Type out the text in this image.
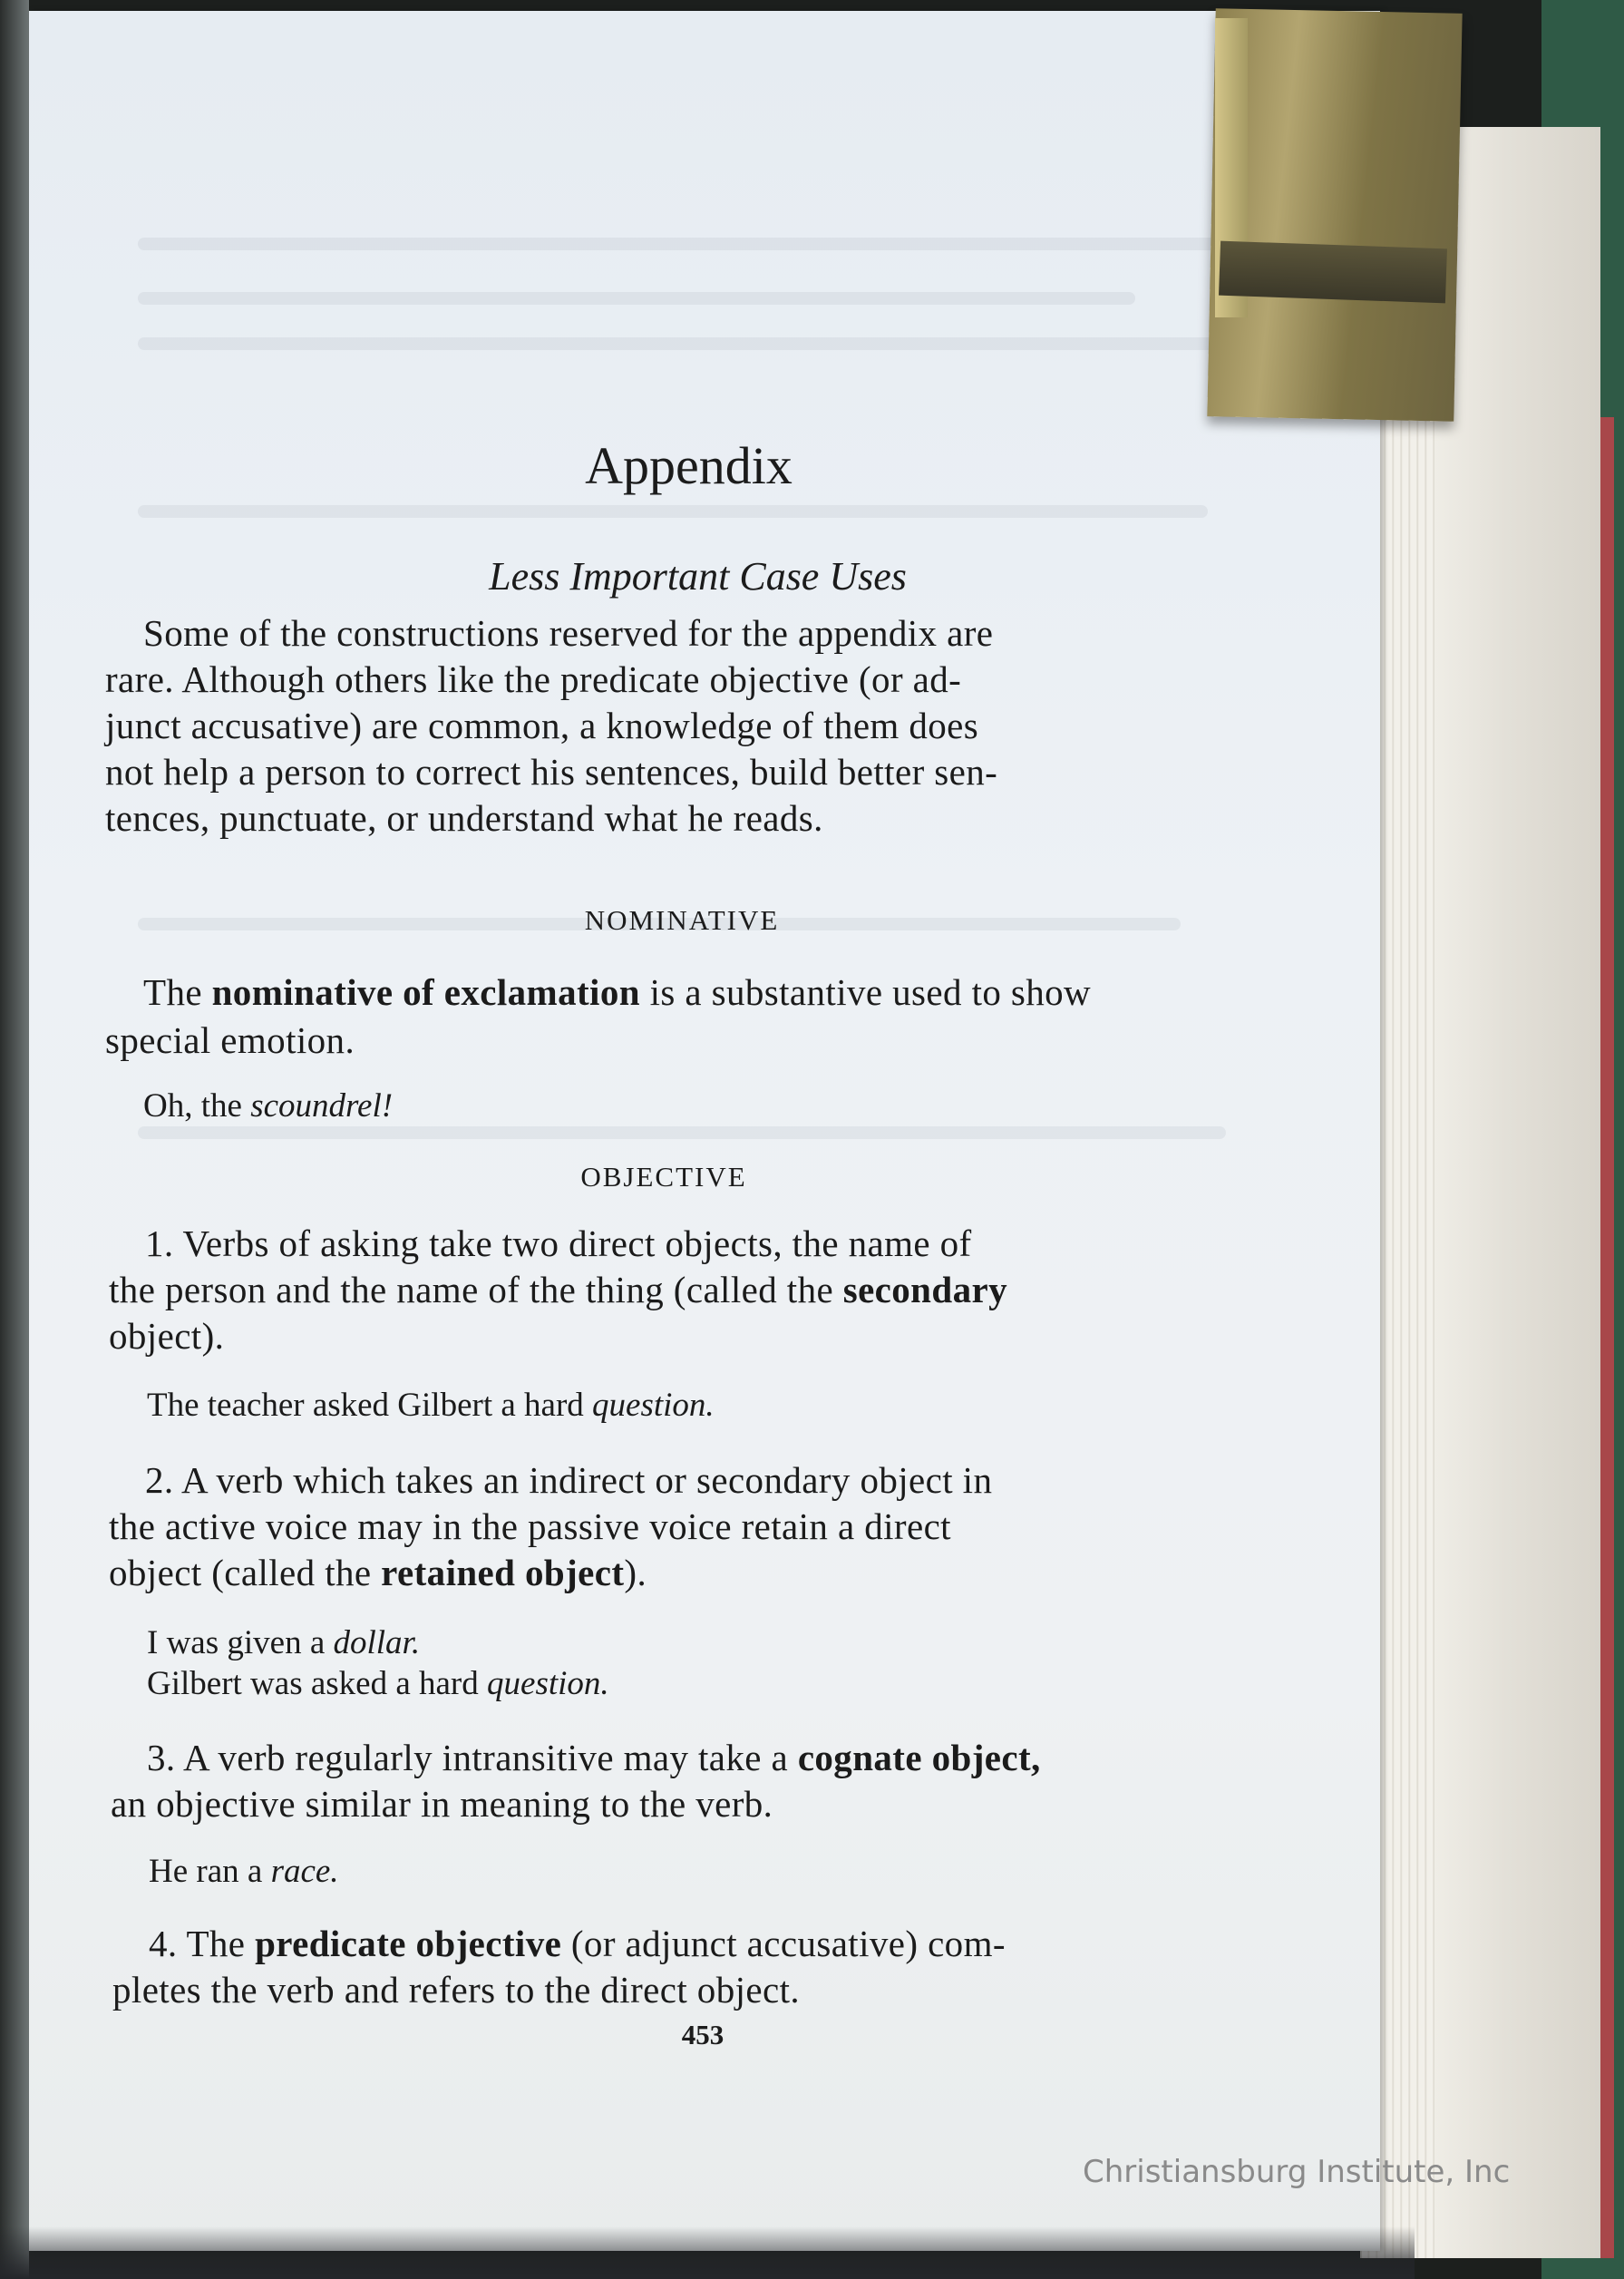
Appendix
Less Important Case Uses
Some of the constructions reserved for the appendix are
rare. Although others like the predicate objective (or ad-
junct accusative) are common, a knowledge of them does
not help a person to correct his sentences, build better sen-
tences, punctuate, or understand what he reads.
NOMINATIVE
The nominative of exclamation is a substantive used to show
special emotion.
Oh, the scoundrel!
OBJECTIVE
1. Verbs of asking take two direct objects, the name of
the person and the name of the thing (called the secondary
object).
The teacher asked Gilbert a hard question.
2. A verb which takes an indirect or secondary object in
the active voice may in the passive voice retain a direct
object (called the retained object).
I was given a dollar.
Gilbert was asked a hard question.
3. A verb regularly intransitive may take a cognate object,
an objective similar in meaning to the verb.
He ran a race.
4. The predicate objective (or adjunct accusative) com-
pletes the verb and refers to the direct object.
453
Christiansburg Institute, Inc
